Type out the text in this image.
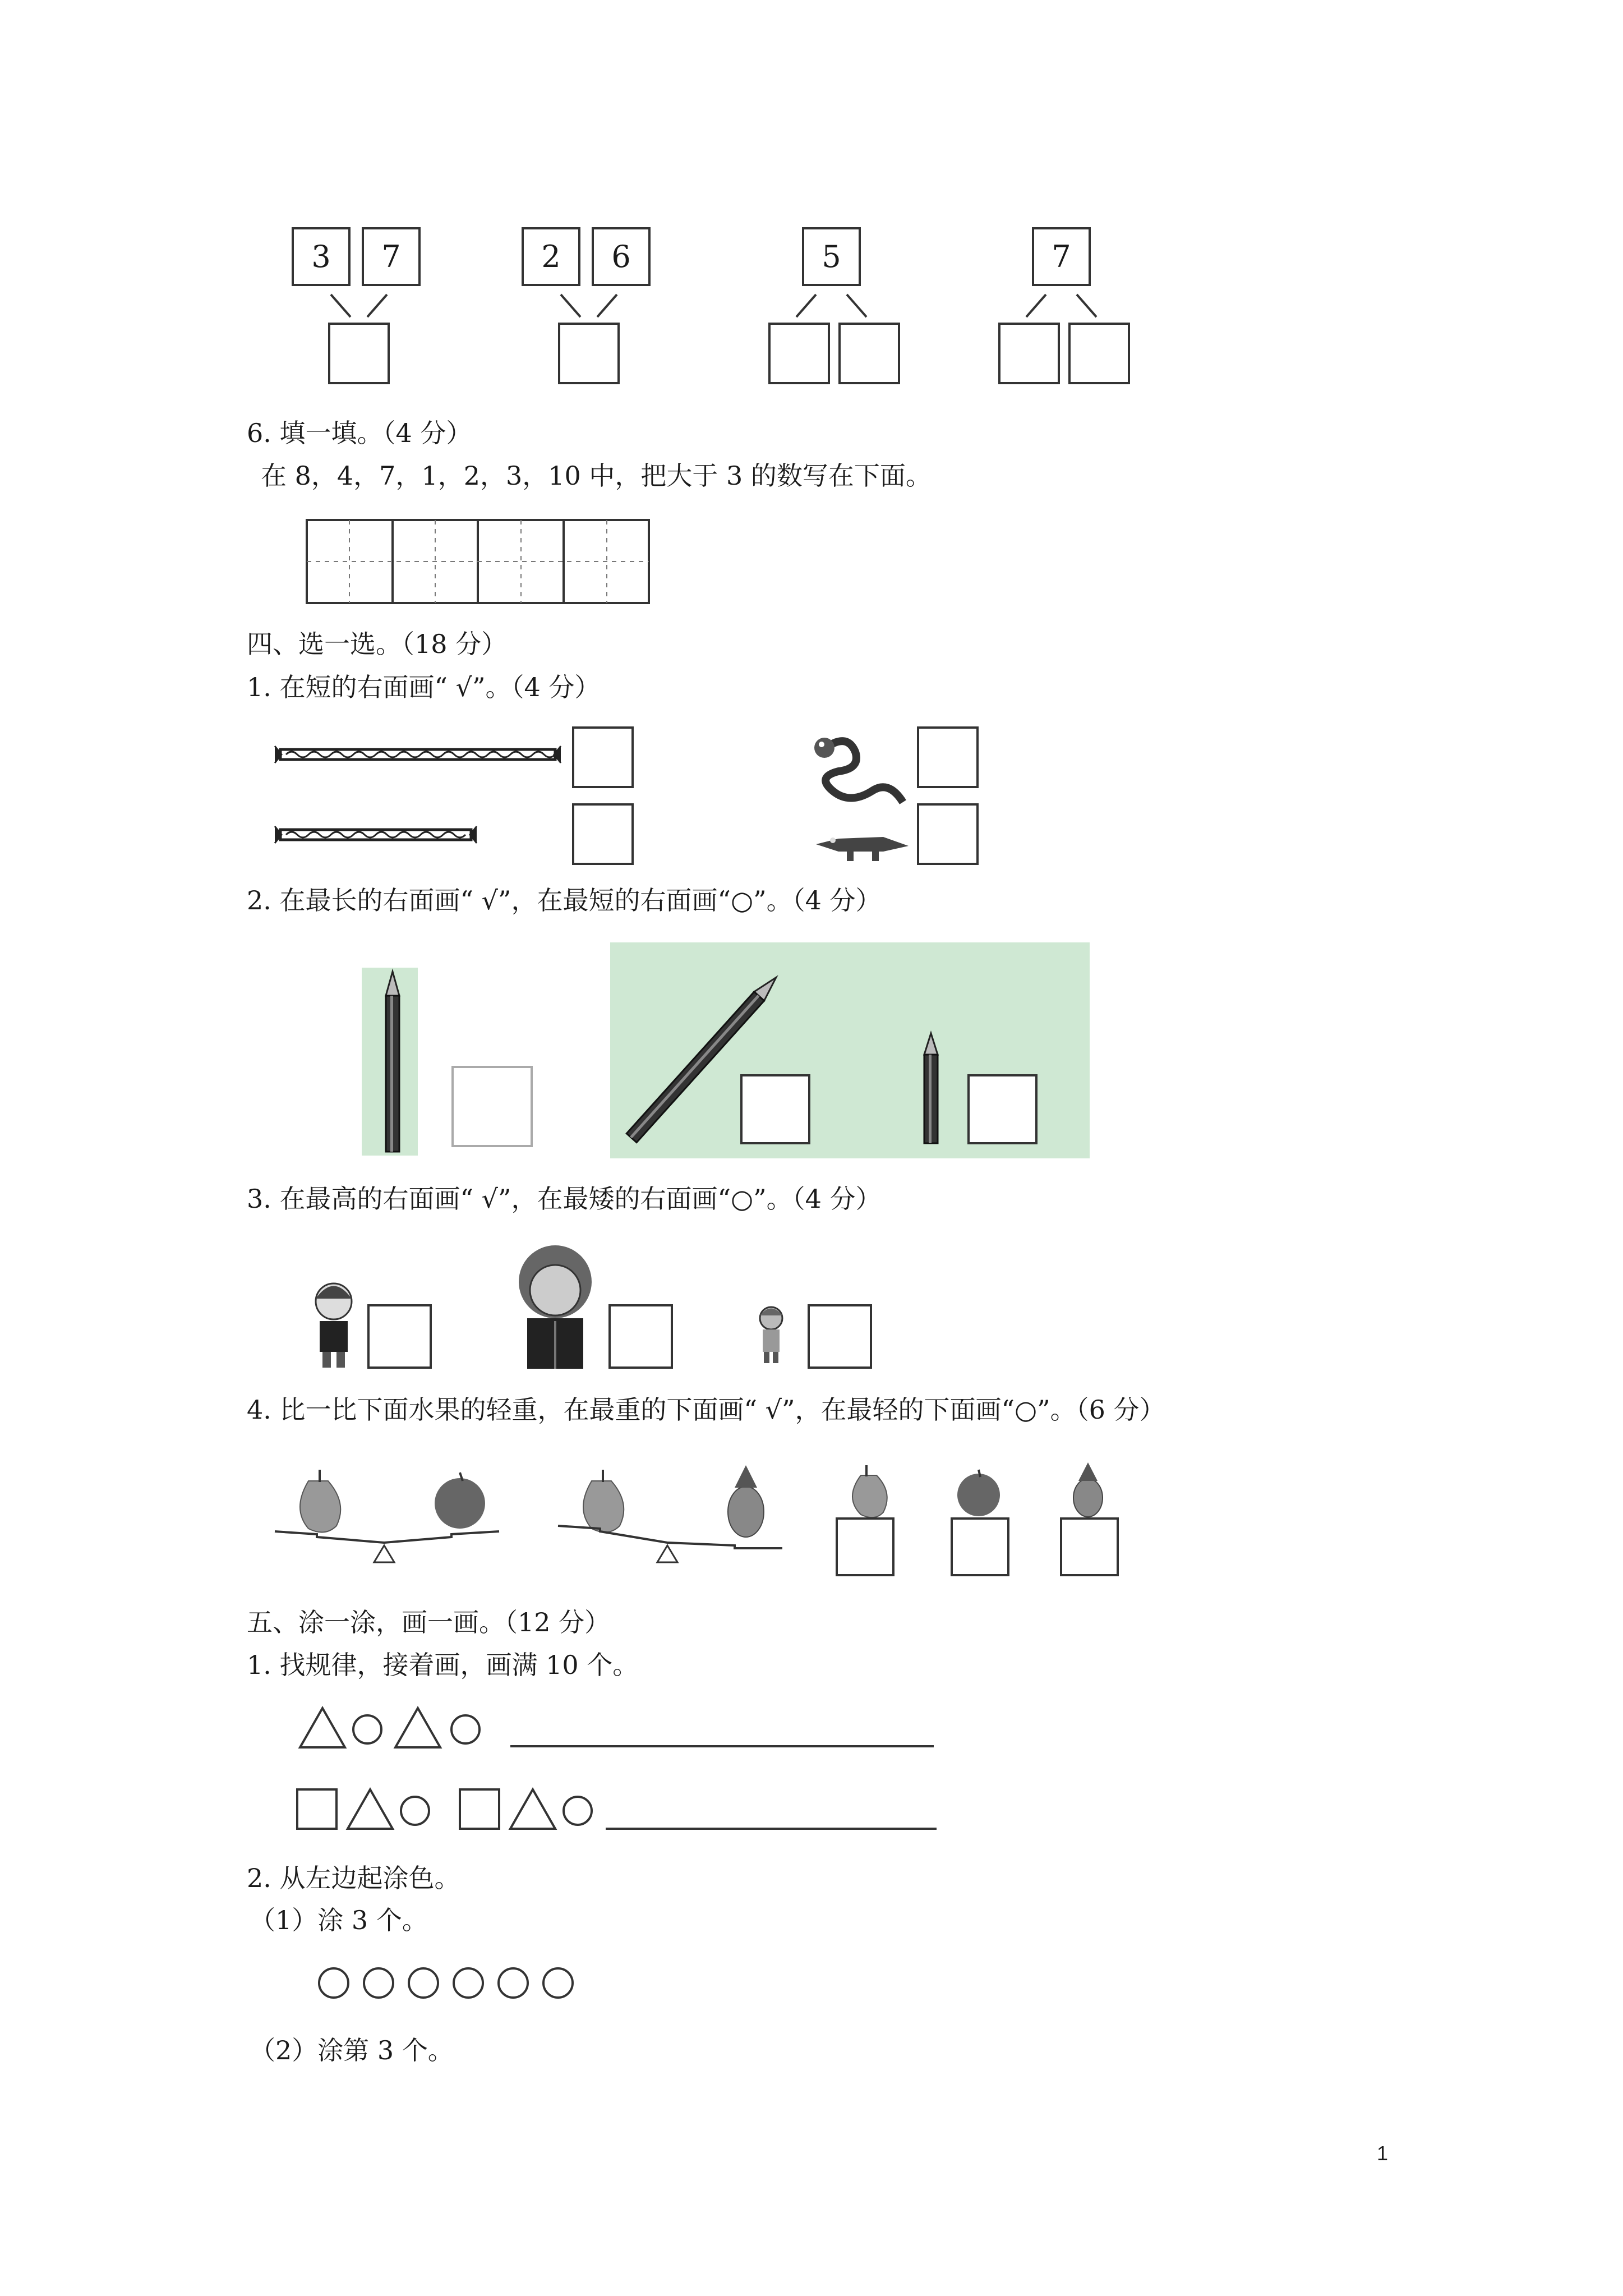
3 7	2 6	5	7
6. 填一填。（4 分）
在 8，4，7，1，2，3，10 中，把大于 3 的数写在下面。
四、选一选。（18 分）
1. 在短的右面画“ √”。（4 分）
2. 在最长的右面画“ √”，在最短的右面画“○”。（4 分）
3. 在最高的右面画“ √”，在最矮的右面画“○”。（4 分）
4. 比一比下面水果的轻重，在最重的下面画“ √”，在最轻的下面画“○”。（6 分）
五、涂一涂，画一画。（12 分）
1. 找规律，接着画，画满 10 个。
2. 从左边起涂色。
（1）涂 3 个。
（2）涂第 3 个。
1
